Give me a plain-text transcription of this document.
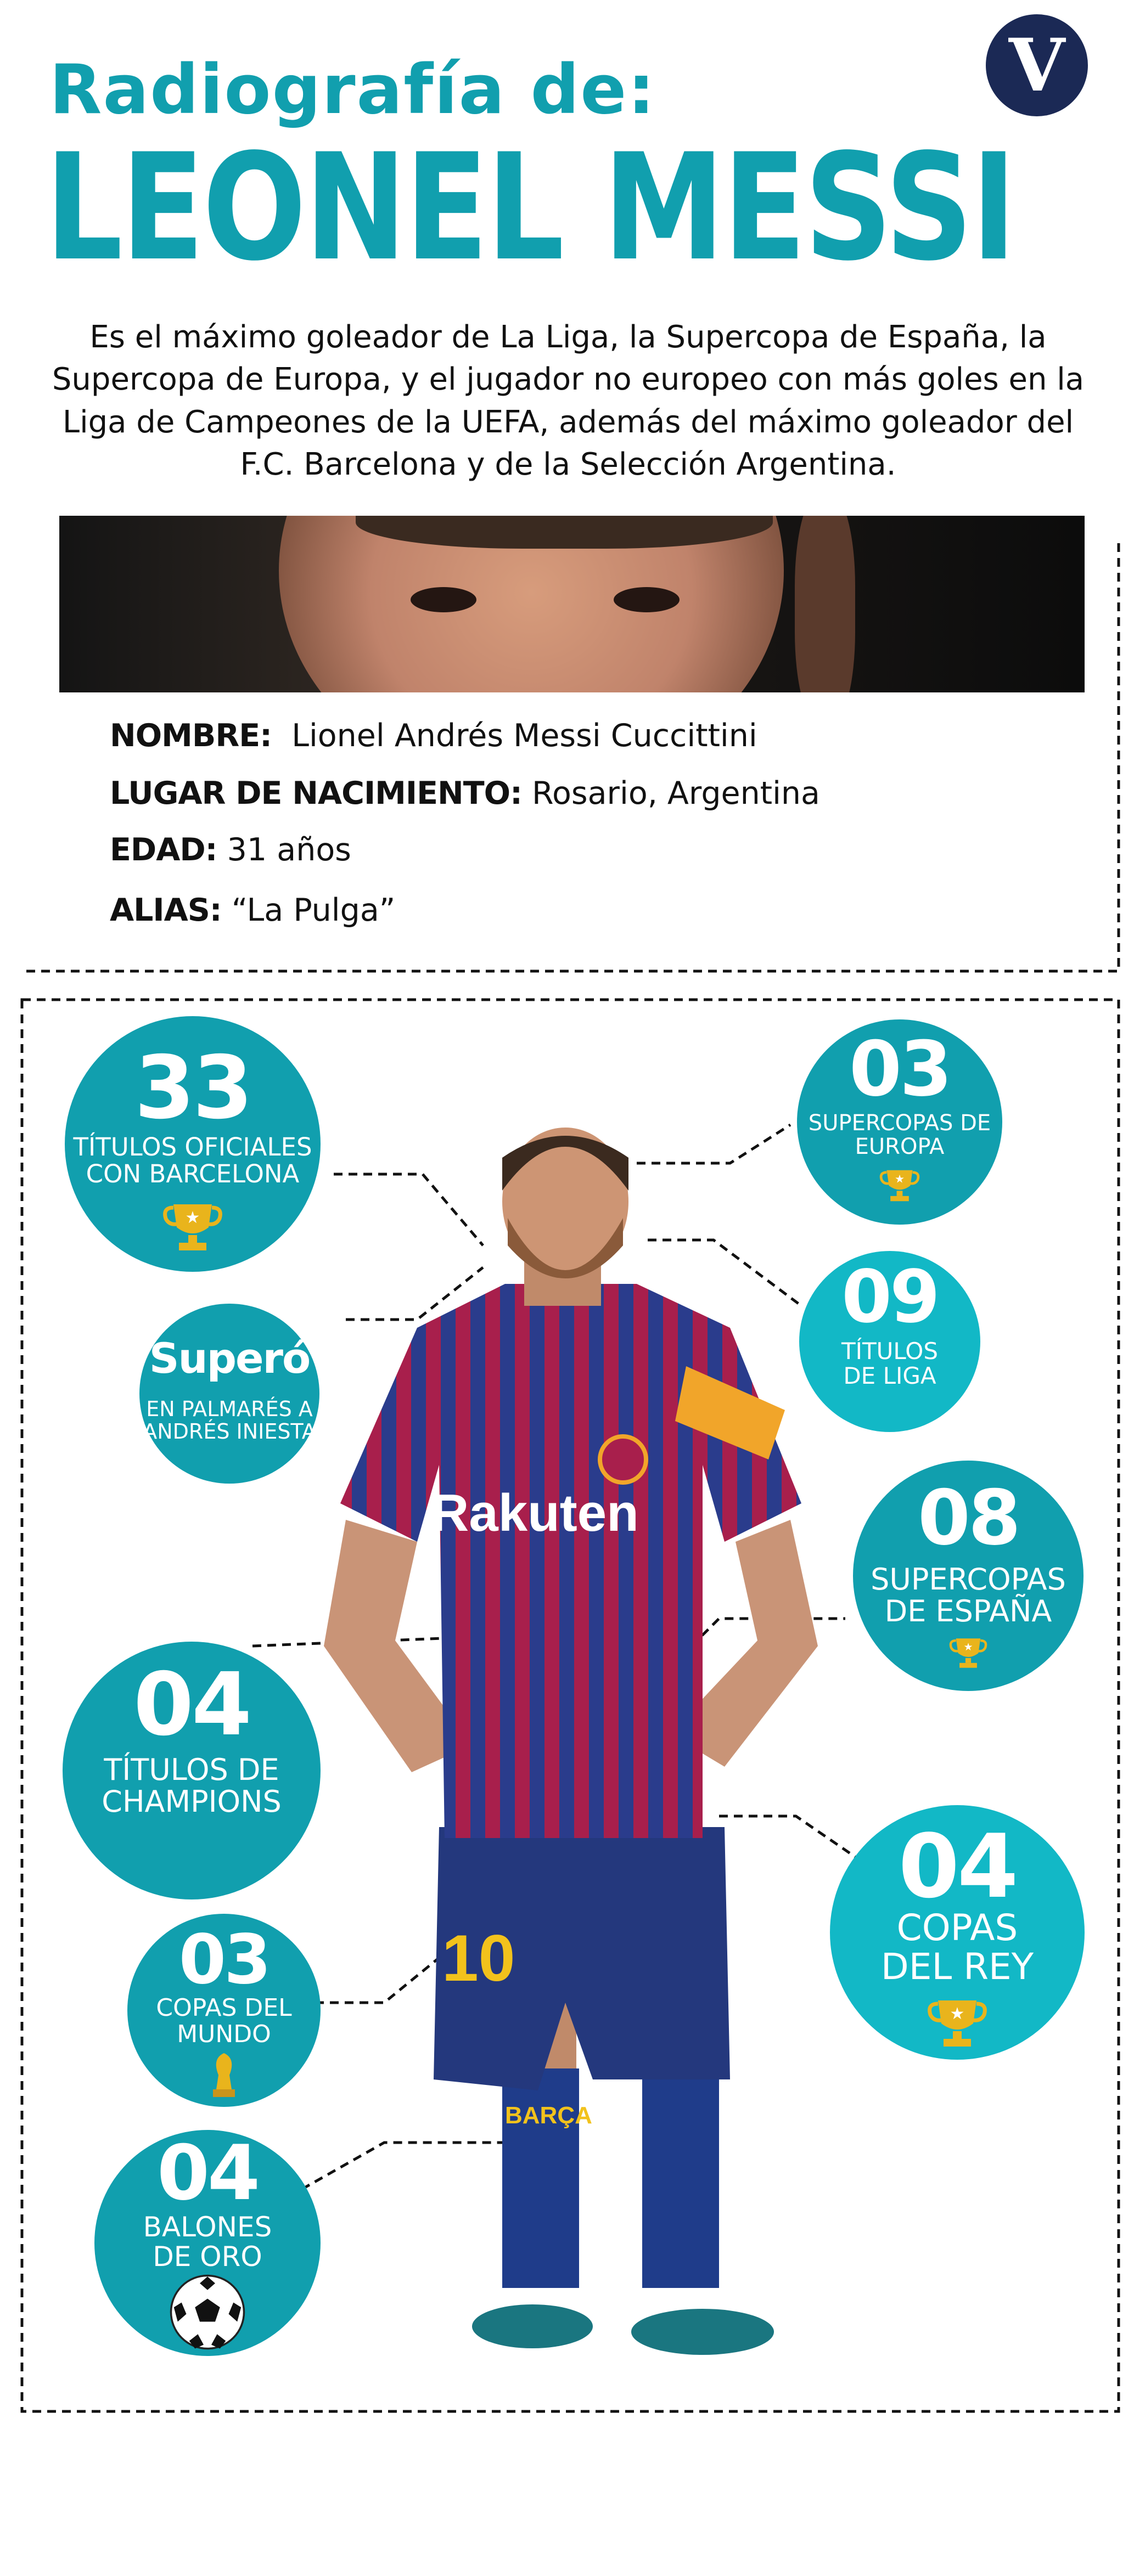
Radiografía de:
LEONEL MESSI
V
Es el máximo goleador de La Liga, la Supercopa de España, la Supercopa de Europa, y el jugador no europeo con más goles en la Liga de Campeones de la UEFA, además del máximo goleador del F.C. Barcelona y de la Selección Argentina.
NOMBRE: Lionel Andrés Messi Cuccittini
LUGAR DE NACIMIENTO: Rosario, Argentina
EDAD: 31 años
ALIAS: “La Pulga”
Rakuten
10
BARÇA
33
TÍTULOS OFICIALES
CON BARCELONA
★
Superó
EN PALMARÉS A
ANDRÉS INIESTA
04
TÍTULOS DE
CHAMPIONS
03
COPAS DEL
MUNDO
04
BALONES
DE ORO
03
SUPERCOPAS DE
EUROPA
★
09
TÍTULOS
DE LIGA
08
SUPERCOPAS
DE ESPAÑA
★
04
COPAS
DEL REY
★
